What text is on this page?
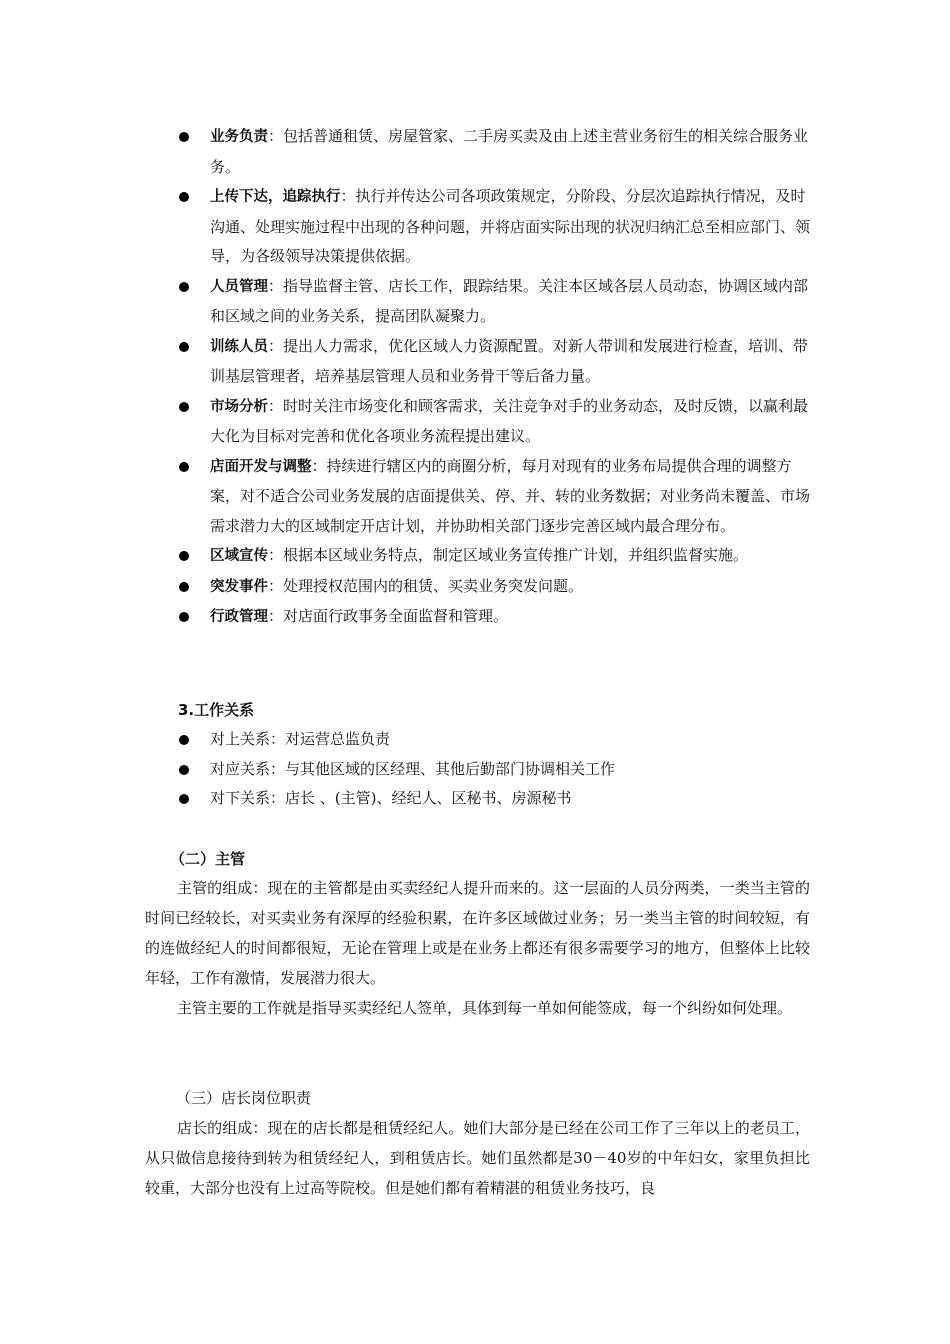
业务负责：包括普通租赁、房屋管家、二手房买卖及由上述主营业务衍生的相关综合服务业务。
上传下达，追踪执行：执行并传达公司各项政策规定，分阶段、分层次追踪执行情况，及时沟通、处理实施过程中出现的各种问题，并将店面实际出现的状况归纳汇总至相应部门、领导，为各级领导决策提供依据。
人员管理：指导监督主管、店长工作，跟踪结果。关注本区域各层人员动态，协调区域内部和区域之间的业务关系，提高团队凝聚力。
训练人员：提出人力需求，优化区域人力资源配置。对新人带训和发展进行检查，培训、带训基层管理者，培养基层管理人员和业务骨干等后备力量。
市场分析：时时关注市场变化和顾客需求，关注竞争对手的业务动态，及时反馈，以赢利最大化为目标对完善和优化各项业务流程提出建议。
店面开发与调整：持续进行辖区内的商圈分析，每月对现有的业务布局提供合理的调整方案，对不适合公司业务发展的店面提供关、停、并、转的业务数据；对业务尚未覆盖、市场需求潜力大的区域制定开店计划，并协助相关部门逐步完善区域内最合理分布。
区域宣传：根据本区域业务特点，制定区域业务宣传推广计划，并组织监督实施。
突发事件：处理授权范围内的租赁、买卖业务突发问题。
行政管理：对店面行政事务全面监督和管理。
3.工作关系
对上关系：对运营总监负责
对应关系：与其他区域的区经理、其他后勤部门协调相关工作
对下关系：店长 、(主管)、经纪人、区秘书、房源秘书
（二）主管

主管的组成：现在的主管都是由买卖经纪人提升而来的。这一层面的人员分两类，一类当主管的时间已经较长，对买卖业务有深厚的经验积累，在许多区域做过业务；另一类当主管的时间较短，有的连做经纪人的时间都很短，无论在管理上或是在业务上都还有很多需要学习的地方，但整体上比较年轻，工作有激情，发展潜力很大。

主管主要的工作就是指导买卖经纪人签单，具体到每一单如何能签成，每一个纠纷如何处理。

（三）店长岗位职责

店长的组成：现在的店长都是租赁经纪人。她们大部分是已经在公司工作了三年以上的老员工，从只做信息接待到转为租赁经纪人，到租赁店长。她们虽然都是30－40岁的中年妇女，家里负担比较重，大部分也没有上过高等院校。但是她们都有着精湛的租赁业务技巧，良
